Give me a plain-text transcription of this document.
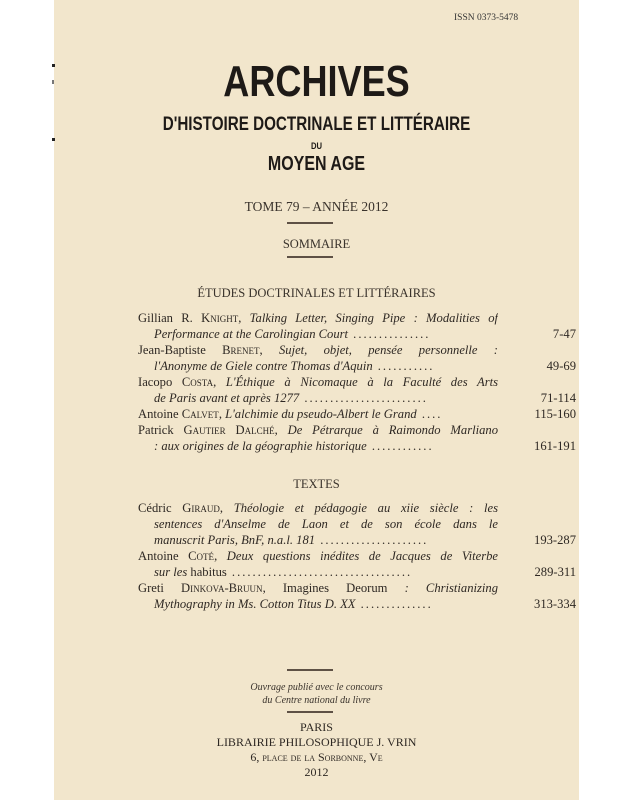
ISSN 0373-5478
ARCHIVES
D'HISTOIRE DOCTRINALE ET LITTÉRAIRE
DU
MOYEN AGE
TOME 79 – ANNÉE 2012
SOMMAIRE
ÉTUDES DOCTRINALES ET LITTÉRAIRES
Gillian R. Knight, Talking Letter, Singing Pipe : Modalities of
Performance at the Carolingian Court ...............	7-47
Jean-Baptiste Brenet, Sujet, objet, pensée personnelle :
l'Anonyme de Giele contre Thomas d'Aquin ...........	49-69
Iacopo Costa, L'Éthique à Nicomaque à la Faculté des Arts
de Paris avant et après 1277 ........................	71-114
Antoine Calvet, L'alchimie du pseudo-Albert le Grand ....	115-160
Patrick Gautier Dalché, De Pétrarque à Raimondo Marliano
: aux origines de la géographie historique ............	161-191
TEXTES
Cédric Giraud, Théologie et pédagogie au xiie siècle : les
sentences d'Anselme de Laon et de son école dans le
manuscrit Paris, BnF, n.a.l. 181 .....................	193-287
Antoine Coté, Deux questions inédites de Jacques de Viterbe
sur les habitus ...................................	289-311
Greti Dinkova-Bruun, Imagines Deorum : Christianizing
Mythography in Ms. Cotton Titus D. XX ..............	313-334
Ouvrage publié avec le concours
du Centre national du livre
PARIS
LIBRAIRIE PHILOSOPHIQUE J. VRIN
6, place de la Sorbonne, Ve
2012
